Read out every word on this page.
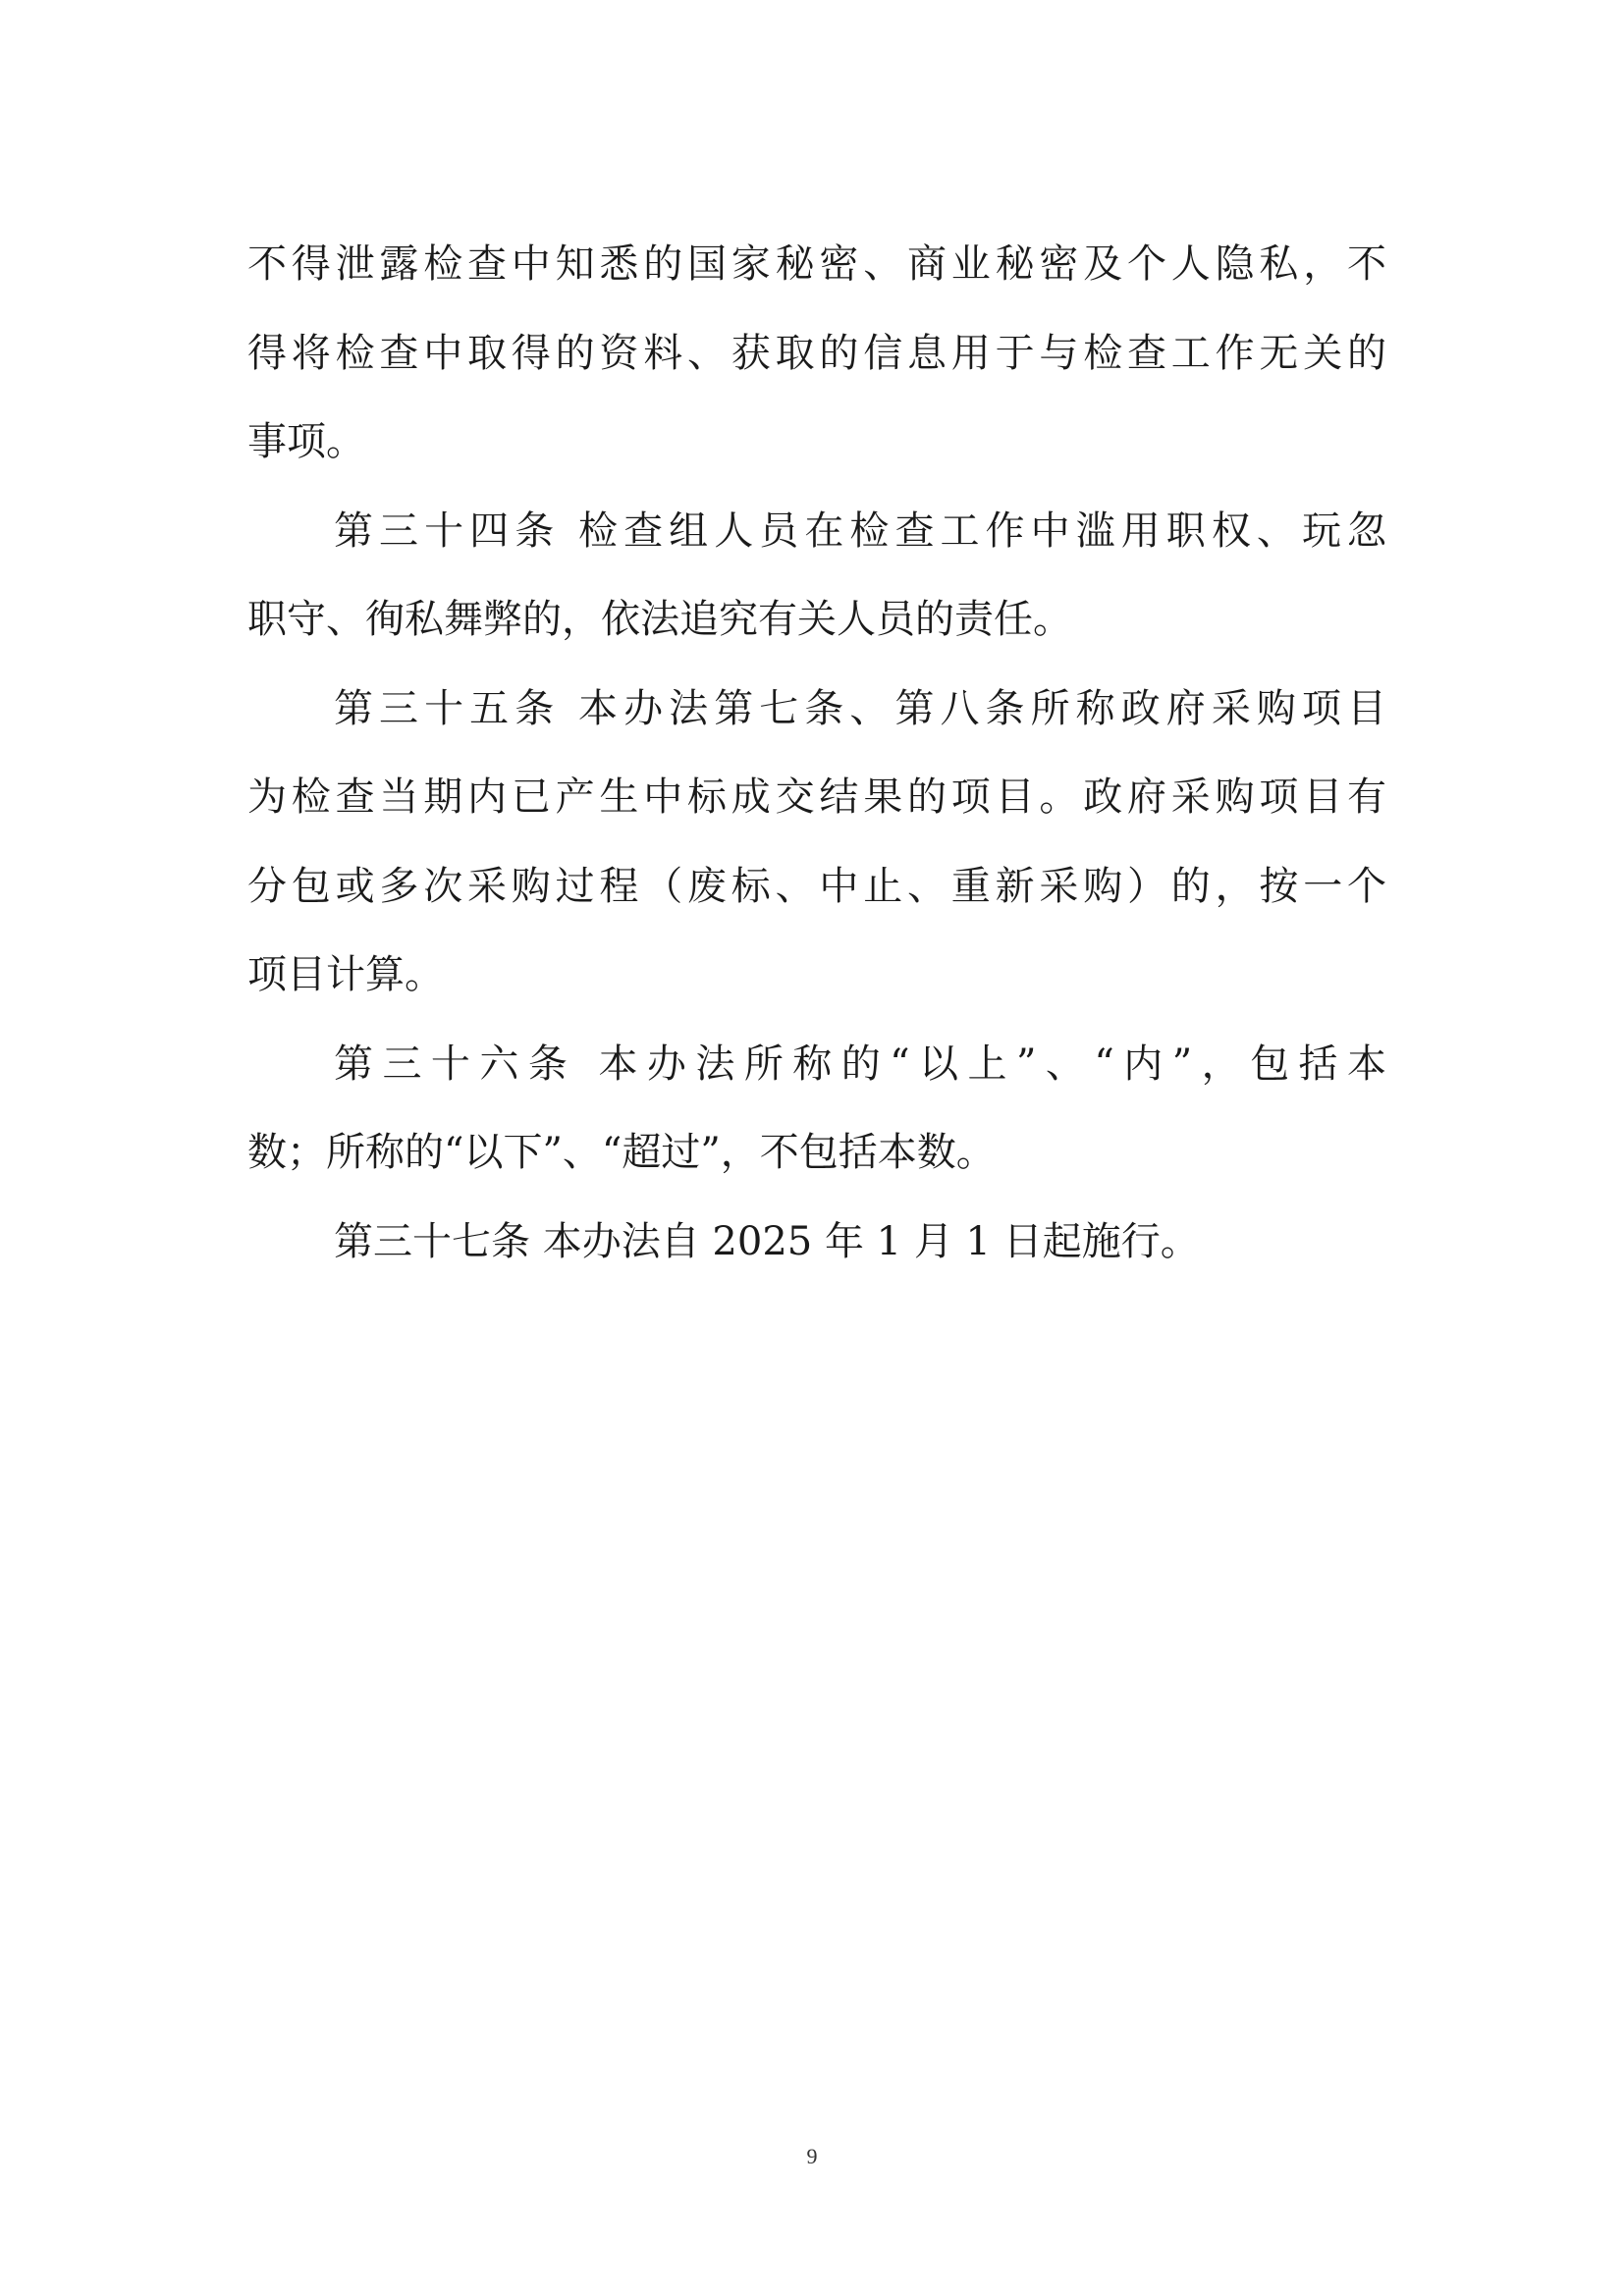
不得泄露检查中知悉的国家秘密、商业秘密及个人隐私，不
得将检查中取得的资料、获取的信息用于与检查工作无关的
事项。
第三十四条 检查组人员在检查工作中滥用职权、玩忽
职守、徇私舞弊的，依法追究有关人员的责任。
第三十五条 本办法第七条、第八条所称政府采购项目
为检查当期内已产生中标成交结果的项目。政府采购项目有
分包或多次采购过程（废标、中止、重新采购）的，按一个
项目计算。
第三十六条 本办法所称的“以上”、“内”，包括本
数；所称的“以下”、“超过”，不包括本数。
第三十七条 本办法自 2025 年 1 月 1 日起施行。
9
